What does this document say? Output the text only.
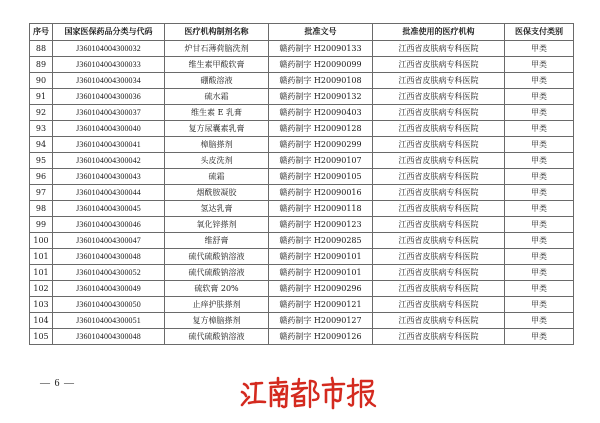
序号	国家医保药品分类与代码	医疗机构制剂名称	批准文号	批准使用的医疗机构	医保支付类别
88	J360104004300032	炉甘石薄荷脑洗剂	赣药制字 H20090133	江西省皮肤病专科医院	甲类
89	J360104004300033	维生素甲酸软膏	赣药制字 H20090099	江西省皮肤病专科医院	甲类
90	J360104004300034	硼酸溶液	赣药制字 H20090108	江西省皮肤病专科医院	甲类
91	J360104004300036	硫水霜	赣药制字 H20090132	江西省皮肤病专科医院	甲类
92	J360104004300037	维生素 E 乳膏	赣药制字 H20090403	江西省皮肤病专科医院	甲类
93	J360104004300040	复方尿囊素乳膏	赣药制字 H20090128	江西省皮肤病专科医院	甲类
94	J360104004300041	樟脑搽剂	赣药制字 H20090299	江西省皮肤病专科医院	甲类
95	J360104004300042	头皮洗剂	赣药制字 H20090107	江西省皮肤病专科医院	甲类
96	J360104004300043	硫霜	赣药制字 H20090105	江西省皮肤病专科医院	甲类
97	J360104004300044	烟酰胺凝胶	赣药制字 H20090016	江西省皮肤病专科医院	甲类
98	J360104004300045	氢达乳膏	赣药制字 H20090118	江西省皮肤病专科医院	甲类
99	J360104004300046	氧化锌搽剂	赣药制字 H20090123	江西省皮肤病专科医院	甲类
100	J360104004300047	维舒膏	赣药制字 H20090285	江西省皮肤病专科医院	甲类
101	J360104004300048	硫代硫酸钠溶液	赣药制字 H20090101	江西省皮肤病专科医院	甲类
101	J360104004300052	硫代硫酸钠溶液	赣药制字 H20090101	江西省皮肤病专科医院	甲类
102	J360104004300049	硫软膏 20%	赣药制字 H20090296	江西省皮肤病专科医院	甲类
103	J360104004300050	止痒护肤搽剂	赣药制字 H20090121	江西省皮肤病专科医院	甲类
104	J360104004300051	复方樟脑搽剂	赣药制字 H20090127	江西省皮肤病专科医院	甲类
105	J360104004300048	硫代硫酸钠溶液	赣药制字 H20090126	江西省皮肤病专科医院	甲类
— 6 —
